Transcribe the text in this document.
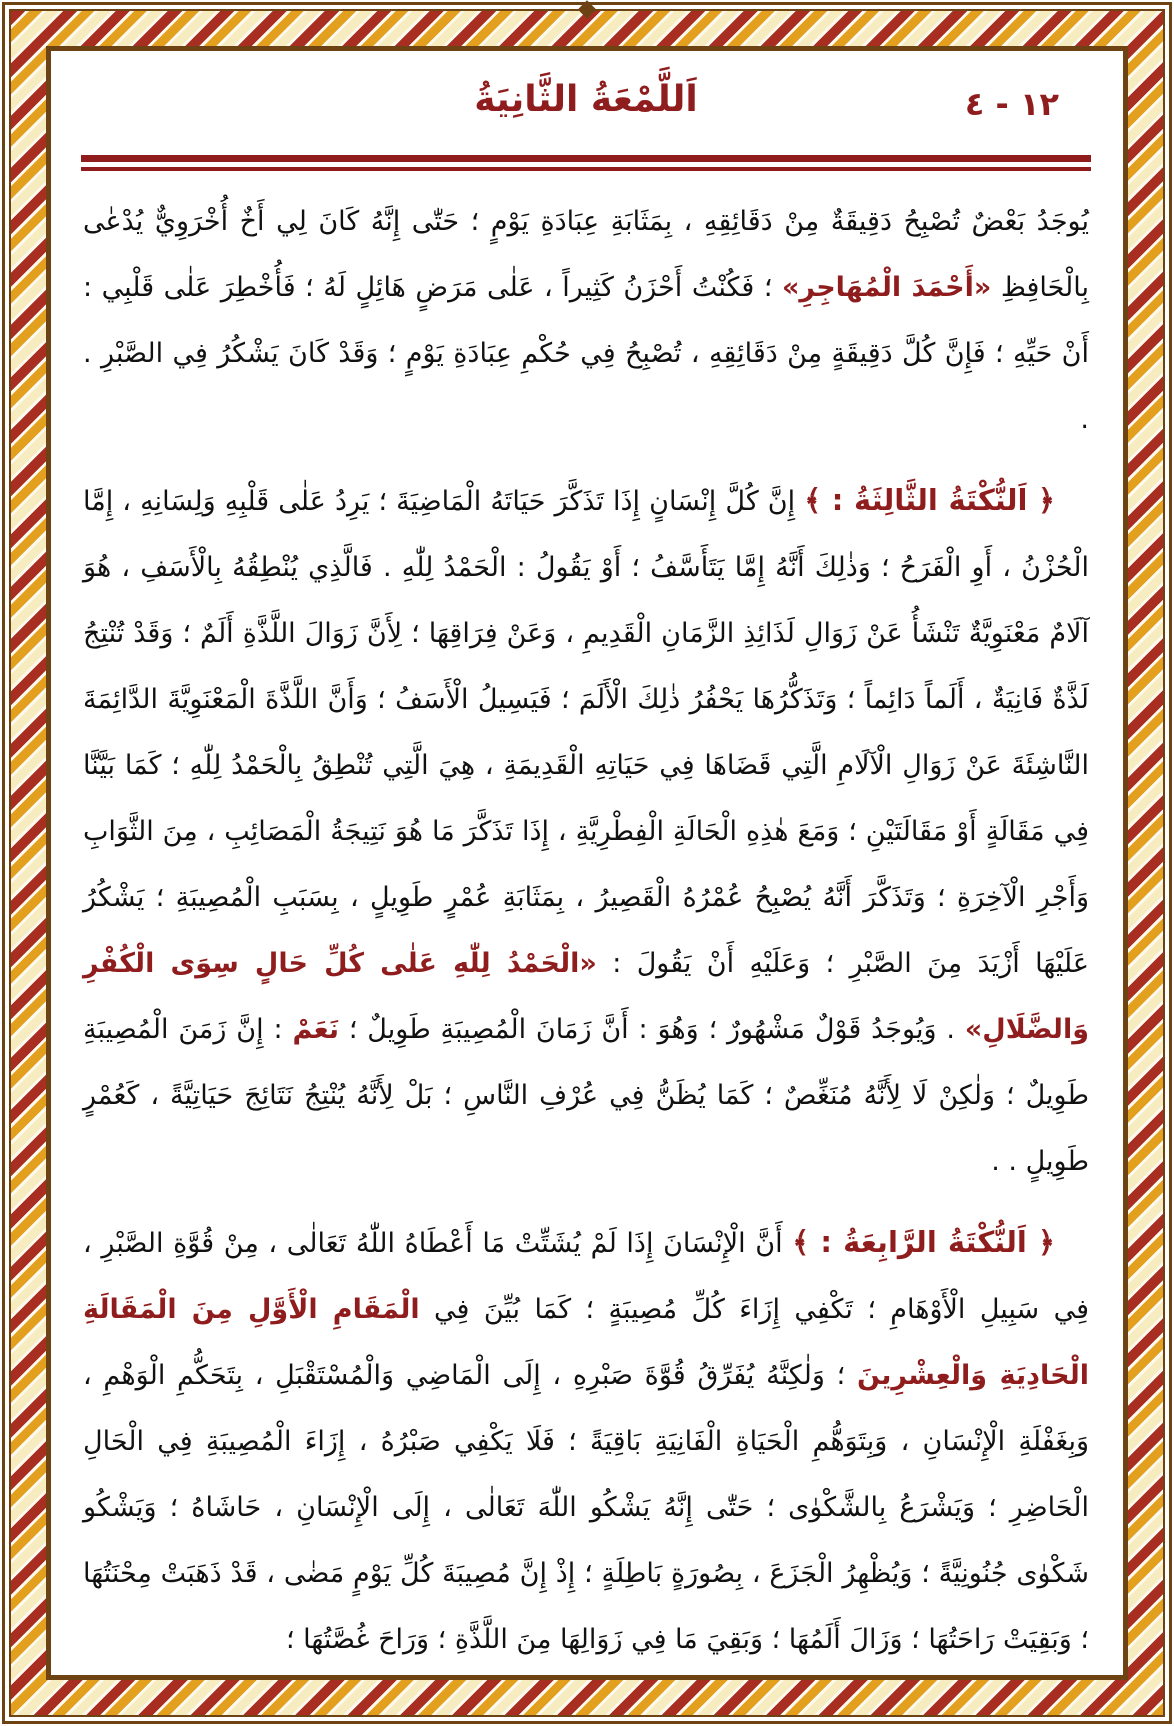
١٢ - ٤
اَللَّمْعَةُ الثَّانِيَةُ

يُوجَدُ بَعْضٌ تُصْبِحُ دَقِيقَةٌ مِنْ دَقَائِقِهِ ، بِمَثَابَةِ عِبَادَةِ يَوْمٍ ؛ حَتّٰى إِنَّهُ كَانَ لِي أَخٌ أُخْرَوِيٌّ يُدْعٰى بِالْحَافِظِ «أَحْمَدَ الْمُهَاجِرِ» ؛ فَكُنْتُ أَحْزَنُ كَثِيراً ، عَلٰى مَرَضٍ هَائِلٍ لَهُ ؛ فَأُخْطِرَ عَلٰى قَلْبِي : أَنْ حَيِّهِ ؛ فَإِنَّ كُلَّ دَقِيقَةٍ مِنْ دَقَائِقِهِ ، تُصْبِحُ فِي حُكْمِ عِبَادَةِ يَوْمٍ ؛ وَقَدْ كَانَ يَشْكُرُ فِي الصَّبْرِ . .

﴿ اَلنُّكْتَةُ الثَّالِثَةُ : ﴾ إِنَّ كُلَّ إِنْسَانٍ إِذَا تَذَكَّرَ حَيَاتَهُ الْمَاضِيَةَ ؛ يَرِدُ عَلٰى قَلْبِهِ وَلِسَانِهِ ، إِمَّا الْحُزْنُ ، أَوِ الْفَرَحُ ؛ وَذٰلِكَ أَنَّهُ إِمَّا يَتَأَسَّفُ ؛ أَوْ يَقُولُ : الْحَمْدُ لِلّٰهِ . فَالَّذِي يُنْطِقُهُ بِالْأَسَفِ ، هُوَ آلَامٌ مَعْنَوِيَّةٌ تَنْشَأُ عَنْ زَوَالِ لَذَائِذِ الزَّمَانِ الْقَدِيمِ ، وَعَنْ فِرَاقِهَا ؛ لِأَنَّ زَوَالَ اللَّذَّةِ أَلَمٌ ؛ وَقَدْ تُنْتِجُ لَذَّةٌ فَانِيَةٌ ، أَلَماً دَائِماً ؛ وَتَذَكُّرُهَا يَحْفُرُ ذٰلِكَ الْأَلَمَ ؛ فَيَسِيلُ الْأَسَفُ ؛ وَأَنَّ اللَّذَّةَ الْمَعْنَوِيَّةَ الدَّائِمَةَ النَّاشِئَةَ عَنْ زَوَالِ الْآلَامِ الَّتِي قَضَاهَا فِي حَيَاتِهِ الْقَدِيمَةِ ، هِيَ الَّتِي تُنْطِقُ بِالْحَمْدُ لِلّٰهِ ؛ كَمَا بَيَّنَّا فِي مَقَالَةٍ أَوْ مَقَالَتَيْنِ ؛ وَمَعَ هٰذِهِ الْحَالَةِ الْفِطْرِيَّةِ ، إِذَا تَذَكَّرَ مَا هُوَ نَتِيجَةُ الْمَصَائِبِ ، مِنَ الثَّوَابِ وَأَجْرِ الْآخِرَةِ ؛ وَتَذَكَّرَ أَنَّهُ يُصْبِحُ عُمْرُهُ الْقَصِيرُ ، بِمَثَابَةِ عُمْرٍ طَوِيلٍ ، بِسَبَبِ الْمُصِيبَةِ ؛ يَشْكُرُ عَلَيْهَا أَزْيَدَ مِنَ الصَّبْرِ ؛ وَعَلَيْهِ أَنْ يَقُولَ : «الْحَمْدُ لِلّٰهِ عَلٰى كُلِّ حَالٍ سِوَى الْكُفْرِ وَالضَّلَالِ» . وَيُوجَدُ قَوْلٌ مَشْهُورٌ ؛ وَهُوَ : أَنَّ زَمَانَ الْمُصِيبَةِ طَوِيلٌ ؛ نَعَمْ : إِنَّ زَمَنَ الْمُصِيبَةِ طَوِيلٌ ؛ وَلٰكِنْ لَا لِأَنَّهُ مُنَغِّصٌ ؛ كَمَا يُظَنُّ فِي عُرْفِ النَّاسِ ؛ بَلْ لِأَنَّهُ يُنْتِجُ نَتَائِجَ حَيَاتِيَّةً ، كَعُمْرٍ طَوِيلٍ . .

﴿ اَلنُّكْتَةُ الرَّابِعَةُ : ﴾ أَنَّ الْإِنْسَانَ إِذَا لَمْ يُشَتِّتْ مَا أَعْطَاهُ اللّٰهُ تَعَالٰى ، مِنْ قُوَّةِ الصَّبْرِ ، فِي سَبِيلِ الْأَوْهَامِ ؛ تَكْفِي إِزَاءَ كُلِّ مُصِيبَةٍ ؛ كَمَا بُيِّنَ فِي الْمَقَامِ الْأَوَّلِ مِنَ الْمَقَالَةِ الْحَادِيَةِ وَالْعِشْرِينَ ؛ وَلٰكِنَّهُ يُفَرِّقُ قُوَّةَ صَبْرِهِ ، إِلَى الْمَاضِي وَالْمُسْتَقْبَلِ ، بِتَحَكُّمِ الْوَهْمِ ، وَبِغَفْلَةِ الْإِنْسَانِ ، وَبِتَوَهُّمِ الْحَيَاةِ الْفَانِيَةِ بَاقِيَةً ؛ فَلَا يَكْفِي صَبْرُهُ ، إِزَاءَ الْمُصِيبَةِ فِي الْحَالِ الْحَاضِرِ ؛ وَيَشْرَعُ بِالشَّكْوٰى ؛ حَتّٰى إِنَّهُ يَشْكُو اللّٰهَ تَعَالٰى ، إِلَى الْإِنْسَانِ ، حَاشَاهُ ؛ وَيَشْكُو شَكْوٰى جُنُونِيَّةً ؛ وَيُظْهِرُ الْجَزَعَ ، بِصُورَةٍ بَاطِلَةٍ ؛ إِذْ إِنَّ مُصِيبَةَ كُلِّ يَوْمٍ مَضٰى ، قَدْ ذَهَبَتْ مِحْنَتُهَا ؛ وَبَقِيَتْ رَاحَتُهَا ؛ وَزَالَ أَلَمُهَا ؛ وَبَقِيَ مَا فِي زَوَالِهَا مِنَ اللَّذَّةِ ؛ وَرَاحَ غُصَّتُهَا ؛
